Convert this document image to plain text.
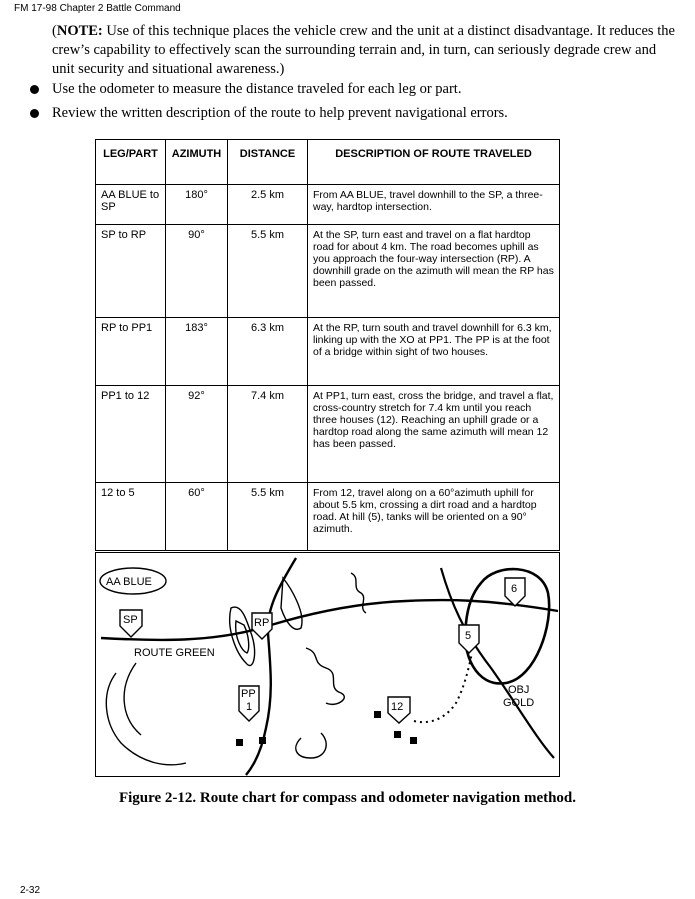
FM 17-98 Chapter 2 Battle Command
(NOTE: Use of this technique places the vehicle crew and the unit at a distinct disadvantage. It reduces the crew’s capability to effectively scan the surrounding terrain and, in turn, can seriously degrade crew and unit security and situational awareness.)
Use the odometer to measure the distance traveled for each leg or part.
Review the written description of the route to help prevent navigational errors.
LEG/PART	AZIMUTH	DISTANCE	DESCRIPTION OF ROUTE TRAVELED
AA BLUE to SP	180°	2.5 km	From AA BLUE, travel downhill to the SP, a three-way, hardtop intersection.
SP to RP	90°	5.5 km	At the SP, turn east and travel on a flat hardtop road for about 4 km. The road becomes uphill as you approach the four-way intersection (RP). A downhill grade on the azimuth will mean the RP has been passed.
RP to PP1	183°	6.3 km	At the RP, turn south and travel downhill for 6.3 km, linking up with the XO at PP1. The PP is at the foot of a bridge within sight of two houses.
PP1 to 12	92°	7.4 km	At PP1, turn east, cross the bridge, and travel a flat, cross-country stretch for 7.4 km until you reach three houses (12). Reaching an uphill grade or a hardtop road along the same azimuth will mean 12 has been passed.
12 to 5	60°	5.5 km	From 12, travel along on a 60°azimuth uphill for about 5.5 km, crossing a dirt road and a hardtop road. At hill (5), tanks will be oriented on a 90° azimuth.
AA BLUE
SP	RP
ROUTE GREEN
PP
1	12
5
6
OBJ
GOLD
Figure 2-12. Route chart for compass and odometer navigation method.
2-32
